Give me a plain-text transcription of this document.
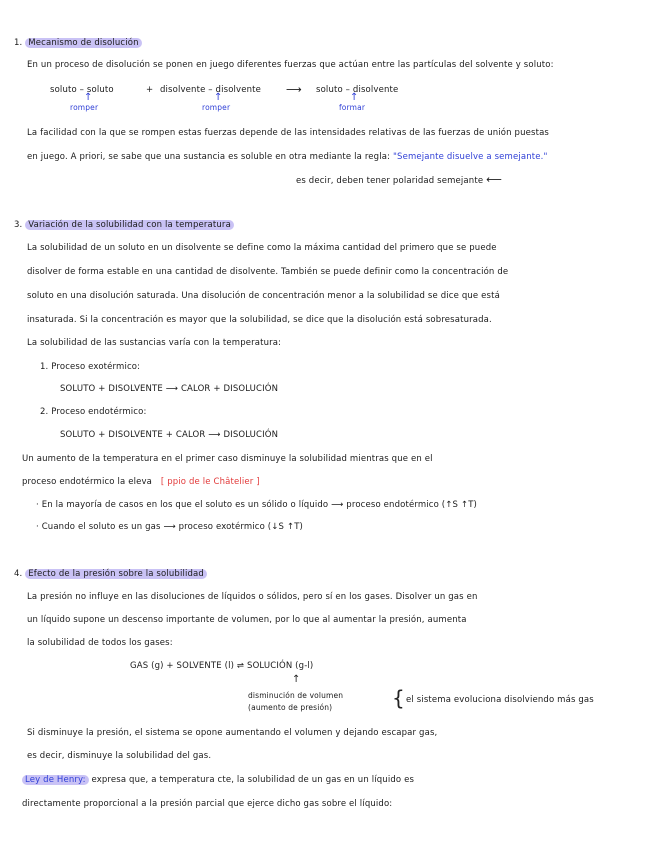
1. Mecanismo de disolución
En un proceso de disolución se ponen en juego diferentes fuerzas que actúan entre las partículas del solvente y soluto:
soluto – soluto	+ disolvente – disolvente ⟶ soluto – disolvente
↑	↑	↑
romper	romper	formar
La facilidad con la que se rompen estas fuerzas depende de las intensidades relativas de las fuerzas de unión puestas
en juego. A priori, se sabe que una sustancia es soluble en otra mediante la regla: "Semejante disuelve a semejante."
es decir, deben tener polaridad semejante ⟵
3. Variación de la solubilidad con la temperatura
La solubilidad de un soluto en un disolvente se define como la máxima cantidad del primero que se puede
disolver de forma estable en una cantidad de disolvente. También se puede definir como la concentración de
soluto en una disolución saturada. Una disolución de concentración menor a la solubilidad se dice que está
insaturada. Si la concentración es mayor que la solubilidad, se dice que la disolución está sobresaturada.
La solubilidad de las sustancias varía con la temperatura:
1. Proceso exotérmico:
SOLUTO + DISOLVENTE ⟶ CALOR + DISOLUCIÓN
2. Proceso endotérmico:
SOLUTO + DISOLVENTE + CALOR ⟶ DISOLUCIÓN
Un aumento de la temperatura en el primer caso disminuye la solubilidad mientras que en el
proceso endotérmico la eleva [ ppio de le Châtelier ]
· En la mayoría de casos en los que el soluto es un sólido o líquido ⟶ proceso endotérmico (↑S ↑T)
· Cuando el soluto es un gas ⟶ proceso exotérmico (↓S ↑T)
4. Efecto de la presión sobre la solubilidad
La presión no influye en las disoluciones de líquidos o sólidos, pero sí en los gases. Disolver un gas en
un líquido supone un descenso importante de volumen, por lo que al aumentar la presión, aumenta
la solubilidad de todos los gases:
GAS (g) + SOLVENTE (l) ⇌ SOLUCIÓN (g-l)
↑
disminución de volumen
(aumento de presión)	{ el sistema evoluciona disolviendo más gas
Si disminuye la presión, el sistema se opone aumentando el volumen y dejando escapar gas,
es decir, disminuye la solubilidad del gas.
Ley de Henry: expresa que, a temperatura cte, la solubilidad de un gas en un líquido es
directamente proporcional a la presión parcial que ejerce dicho gas sobre el líquido:
